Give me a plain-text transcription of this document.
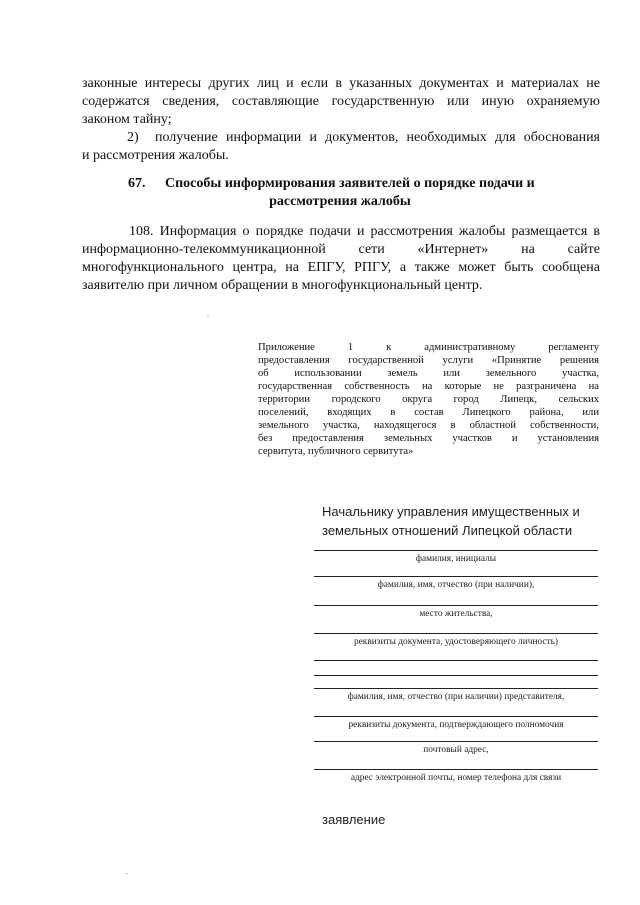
законные интересы других лиц и если в указанных документах и материалах не
содержатся сведения, составляющие государственную или иную охраняемую
законом тайну;
2) получение информации и документов, необходимых для обоснования
и рассмотрения жалобы.
67. Способы информирования заявителей о порядке подачи и
рассмотрения жалобы
108. Информация о порядке подачи и рассмотрения жалобы размещается в
информационно-телекоммуникационной сети «Интернет» на сайте
многофункционального центра, на ЕПГУ, РПГУ, а также может быть сообщена
заявителю при личном обращении в многофункциональный центр.
Приложение 1 к административному регламенту
предоставления государственной услуги «Принятие решения
об использовании земель или земельного участка,
государственная собственность на которые не разграничена на
территории городского округа город Липецк, сельских
поселений, входящих в состав Липецкого района, или
земельного участка, находящегося в областной собственности,
без предоставления земельных участков и установления
сервитута, публичного сервитута»
Начальнику управления имущественных и
земельных отношений Липецкой области
фамилия, инициалы
фамилия, имя, отчество (при наличии),
место жительства,
реквизиты документа, удостоверяющего личность)
фамилия, имя, отчество (при наличии) представителя,
реквизиты документа, подтверждающего полномочия
почтовый адрес,
адрес электронной почты, номер телефона для связи
заявление
